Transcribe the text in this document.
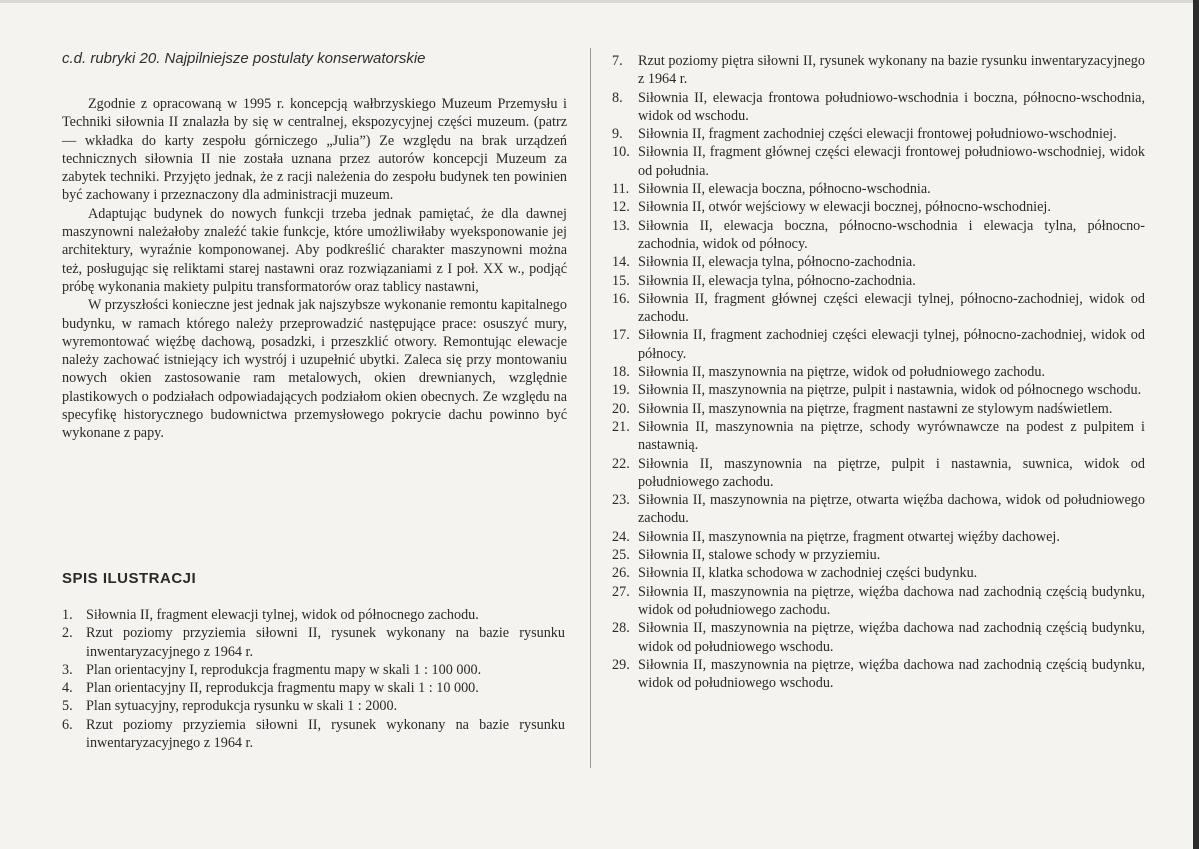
c.d. rubryki 20. Najpilniejsze postulaty konserwatorskie

Zgodnie z opracowaną w 1995 r. koncepcją wałbrzyskiego Muzeum Przemysłu i Techniki siłownia II znalazła by się w centralnej, ekspozycyjnej części muzeum. (patrz — wkładka do karty zespołu górniczego „Julia”) Ze względu na brak urządzeń technicznych siłownia II nie została uznana przez autorów koncepcji Muzeum za zabytek techniki. Przyjęto jednak, że z racji należenia do zespołu budynek ten powinien być zachowany i przeznaczony dla administracji muzeum.

Adaptując budynek do nowych funkcji trzeba jednak pamiętać, że dla dawnej maszynowni należałoby znaleźć takie funkcje, które umożliwiłaby wyeksponowanie jej architektury, wyraźnie komponowanej. Aby podkreślić charakter maszynowni można też, posługując się reliktami starej nastawni oraz rozwiązaniami z I poł. XX w., podjąć próbę wykonania makiety pulpitu transformatorów oraz tablicy nastawni,

W przyszłości konieczne jest jednak jak najszybsze wykonanie remontu kapitalnego budynku, w ramach którego należy przeprowadzić następujące prace: osuszyć mury, wyremontować więźbę dachową, posadzki, i przeszklić otwory. Remontując elewacje należy zachować istniejący ich wystrój i uzupełnić ubytki. Zaleca się przy montowaniu nowych okien zastosowanie ram metalowych, okien drewnianych, względnie plastikowych o podziałach odpowiadających podziałom okien obecnych. Ze względu na specyfikę historycznego budownictwa przemysłowego pokrycie dachu powinno być wykonane z papy.

SPIS ILUSTRACJI
1. Siłownia II, fragment elewacji tylnej, widok od północnego zachodu.
2. Rzut poziomy przyziemia siłowni II, rysunek wykonany na bazie rysunku inwentaryzacyjnego z 1964 r.
3. Plan orientacyjny I, reprodukcja fragmentu mapy w skali 1 : 100 000.
4. Plan orientacyjny II, reprodukcja fragmentu mapy w skali 1 : 10 000.
5. Plan sytuacyjny, reprodukcja rysunku w skali 1 : 2000.
6. Rzut poziomy przyziemia siłowni II, rysunek wykonany na bazie rysunku inwentaryzacyjnego z 1964 r.
7.	Rzut poziomy piętra siłowni II, rysunek wykonany na bazie rysunku inwentaryzacyjnego z 1964 r.
8.	Siłownia II, elewacja frontowa południowo-wschodnia i boczna, północno-wschodnia, widok od wschodu.
9.	Siłownia II, fragment zachodniej części elewacji frontowej południowo-wschodniej.
10. Siłownia II, fragment głównej części elewacji frontowej południowo-wschodniej, widok od południa.
11. Siłownia II, elewacja boczna, północno-wschodnia.
12. Siłownia II, otwór wejściowy w elewacji bocznej, północno-wschodniej.
13. Siłownia II, elewacja boczna, północno-wschodnia i elewacja tylna, północno-zachodnia, widok od północy.
14. Siłownia II, elewacja tylna, północno-zachodnia.
15. Siłownia II, elewacja tylna, północno-zachodnia.
16. Siłownia II, fragment głównej części elewacji tylnej, północno-zachodniej, widok od zachodu.
17. Siłownia II, fragment zachodniej części elewacji tylnej, północno-zachodniej, widok od północy.
18. Siłownia II, maszynownia na piętrze, widok od południowego zachodu.
19. Siłownia II, maszynownia na piętrze, pulpit i nastawnia, widok od północnego wschodu.
20. Siłownia II, maszynownia na piętrze, fragment nastawni ze stylowym nadświetlem.
21. Siłownia II, maszynownia na piętrze, schody wyrównawcze na podest z pulpitem i nastawnią.
22. Siłownia II, maszynownia na piętrze, pulpit i nastawnia, suwnica, widok od południowego zachodu.
23. Siłownia II, maszynownia na piętrze, otwarta więźba dachowa, widok od południowego zachodu.
24. Siłownia II, maszynownia na piętrze, fragment otwartej więźby dachowej.
25. Siłownia II, stalowe schody w przyziemiu.
26. Siłownia II, klatka schodowa w zachodniej części budynku.
27. Siłownia II, maszynownia na piętrze, więźba dachowa nad zachodnią częścią budynku, widok od południowego zachodu.
28. Siłownia II, maszynownia na piętrze, więźba dachowa nad zachodnią częścią budynku, widok od południowego wschodu.
29. Siłownia II, maszynownia na piętrze, więźba dachowa nad zachodnią częścią budynku, widok od południowego wschodu.
